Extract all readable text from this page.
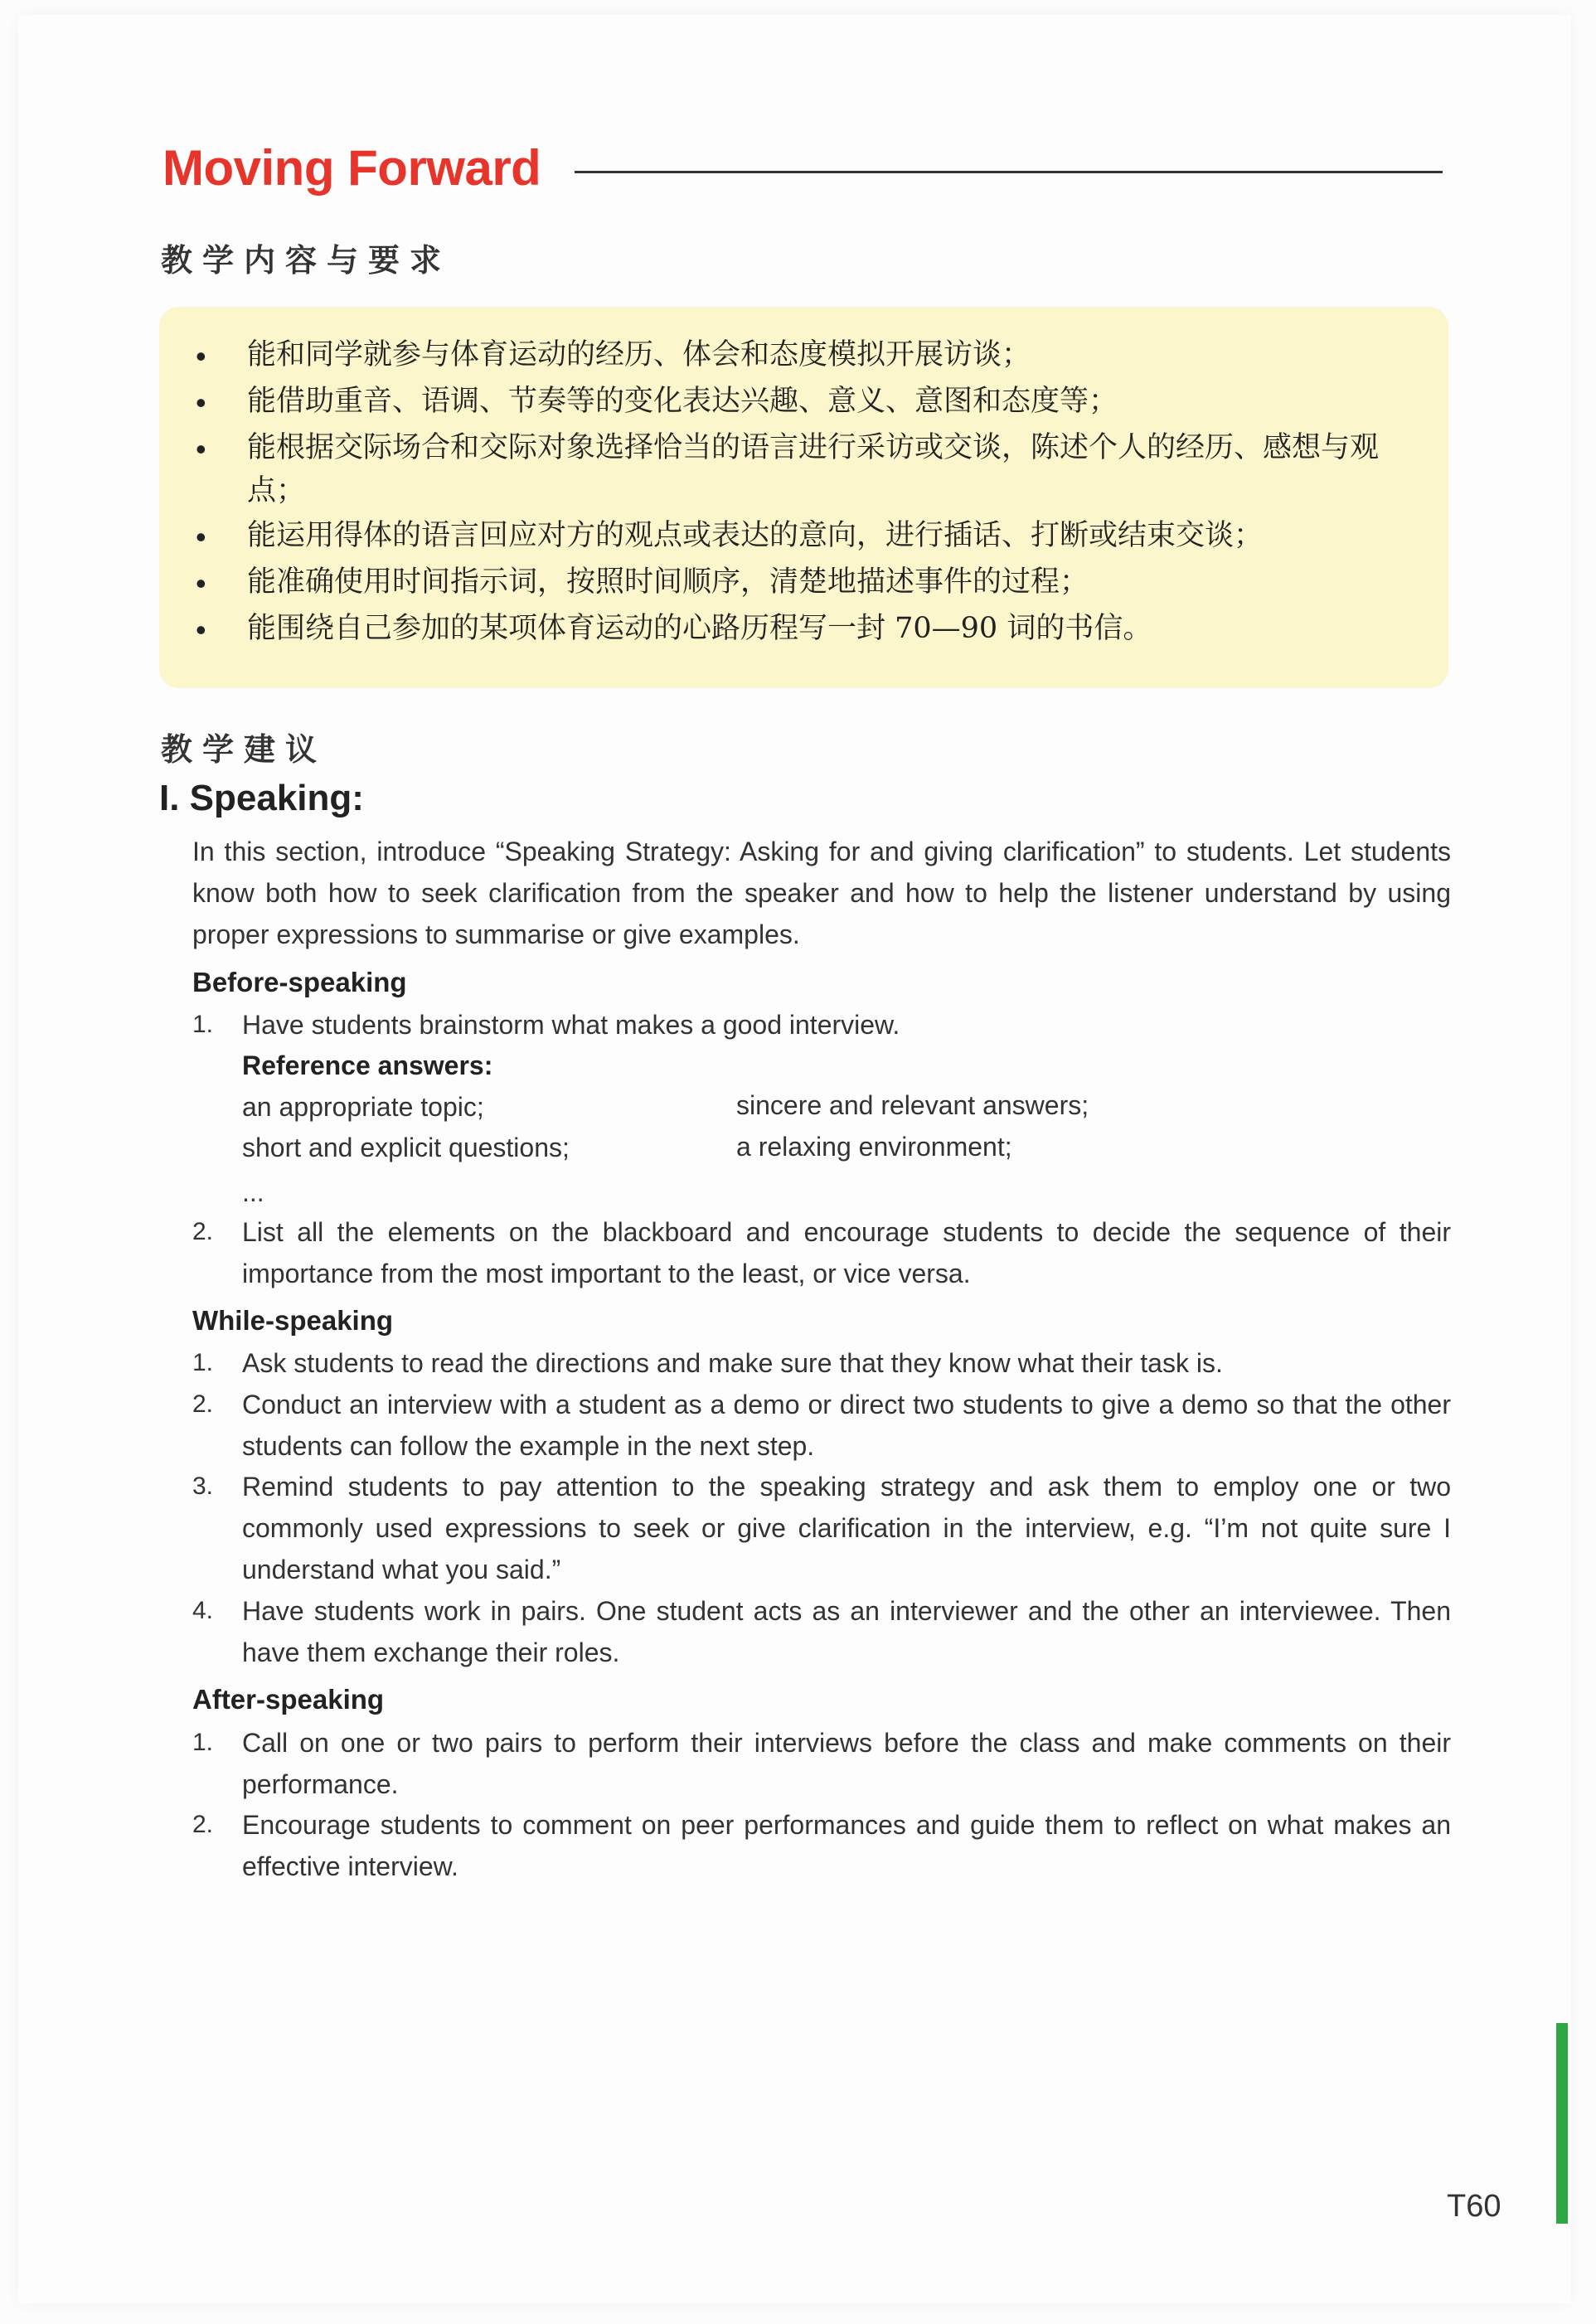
Moving Forward
教学内容与要求
• 能和同学就参与体育运动的经历、体会和态度模拟开展访谈；
• 能借助重音、语调、节奏等的变化表达兴趣、意义、意图和态度等；
• 能根据交际场合和交际对象选择恰当的语言进行采访或交谈，陈述个人的经历、感想与观点；
• 能运用得体的语言回应对方的观点或表达的意向，进行插话、打断或结束交谈；
• 能准确使用时间指示词，按照时间顺序，清楚地描述事件的过程；
• 能围绕自己参加的某项体育运动的心路历程写一封 70—90 词的书信。
教学建议
I. Speaking:
In this section, introduce “Speaking Strategy: Asking for and giving clarification” to students. Let students know both how to seek clarification from the speaker and how to help the listener understand by using proper expressions to summarise or give examples.
Before-speaking
1. Have students brainstorm what makes a good interview.
Reference answers:
an appropriate topic;	sincere and relevant answers;
short and explicit questions;	a relaxing environment;
...
2. List all the elements on the blackboard and encourage students to decide the sequence of their importance from the most important to the least, or vice versa.
While-speaking
1. Ask students to read the directions and make sure that they know what their task is.
2. Conduct an interview with a student as a demo or direct two students to give a demo so that the other students can follow the example in the next step.
3. Remind students to pay attention to the speaking strategy and ask them to employ one or two commonly used expressions to seek or give clarification in the interview, e.g. “I’m not quite sure I understand what you said.”
4. Have students work in pairs. One student acts as an interviewer and the other an interviewee. Then have them exchange their roles.
After-speaking
1. Call on one or two pairs to perform their interviews before the class and make comments on their performance.
2. Encourage students to comment on peer performances and guide them to reflect on what makes an effective interview.
T60
